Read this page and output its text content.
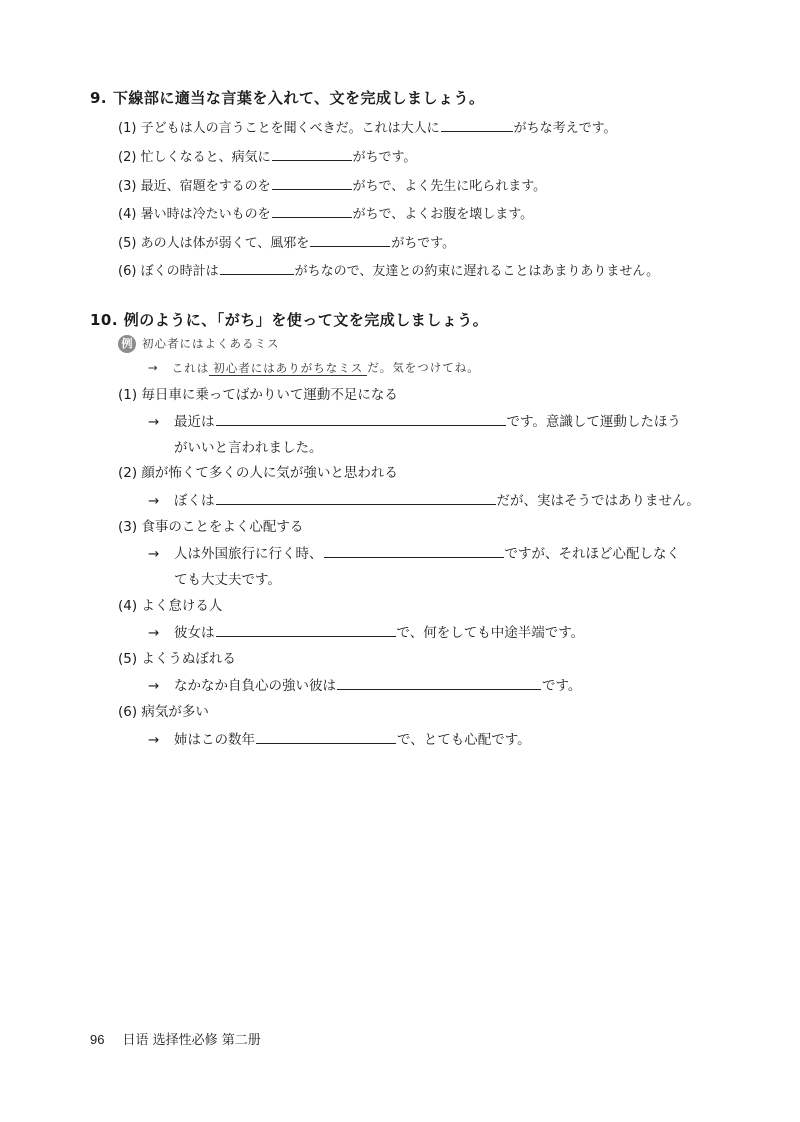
9. 下線部に適当な言葉を入れて、文を完成しましょう。
(1) 子どもは人の言うことを聞くべきだ。これは大人に	がちな考えです。
(2) 忙しくなると、病気に	がちです。
(3) 最近、宿題をするのを	がちで、よく先生に叱られます。
(4) 暑い時は冷たいものを	がちで、よくお腹を壊します。
(5) あの人は体が弱くて、風邪を	がちです。
(6) ぼくの時計は	がちなので、友達との約束に遅れることはあまりありません。
10. 例のように、「がち」を使って文を完成しましょう。
例 初心者にはよくあるミス
→ これは 初心者にはありがちなミス だ。気をつけてね。
(1) 毎日車に乗ってばかりいて運動不足になる
→ 最近は	です。意識して運動したほう
がいいと言われました。
(2) 顔が怖くて多くの人に気が強いと思われる
→ ぼくは	だが、実はそうではありません。
(3) 食事のことをよく心配する
→ 人は外国旅行に行く時、	ですが、それほど心配しなく
ても大丈夫です。
(4) よく怠ける人
→ 彼女は	で、何をしても中途半端です。
(5) よくうぬぼれる
→ なかなか自負心の強い彼は	です。
(6) 病気が多い
→ 姉はこの数年	で、とても心配です。
96 日语 选择性必修 第二册
